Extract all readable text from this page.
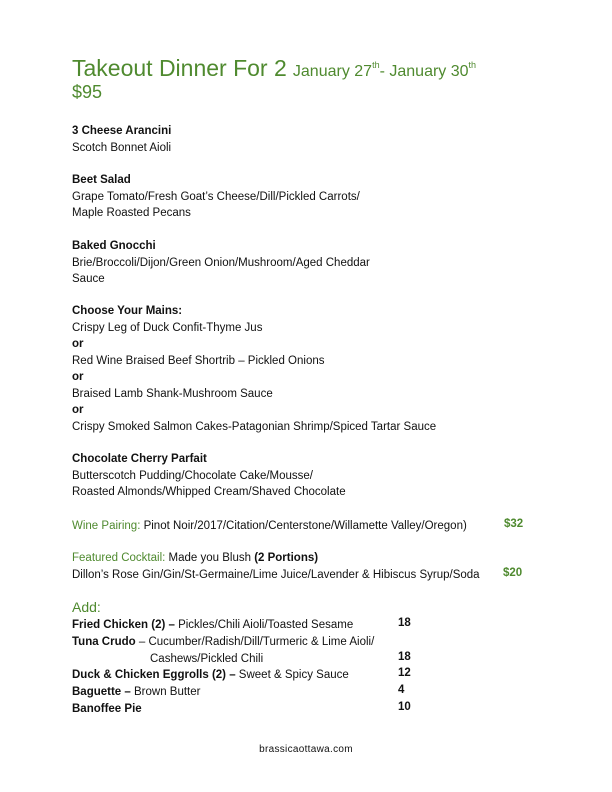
Takeout Dinner For 2 January 27th- January 30th
$95
3 Cheese Arancini
Scotch Bonnet Aioli
Beet Salad
Grape Tomato/Fresh Goat’s Cheese/Dill/Pickled Carrots/
Maple Roasted Pecans
Baked Gnocchi
Brie/Broccoli/Dijon/Green Onion/Mushroom/Aged Cheddar
Sauce
Choose Your Mains:
Crispy Leg of Duck Confit-Thyme Jus
or
Red Wine Braised Beef Shortrib – Pickled Onions
or
Braised Lamb Shank-Mushroom Sauce
or
Crispy Smoked Salmon Cakes-Patagonian Shrimp/Spiced Tartar Sauce
Chocolate Cherry Parfait
Butterscotch Pudding/Chocolate Cake/Mousse/
Roasted Almonds/Whipped Cream/Shaved Chocolate
Wine Pairing: Pinot Noir/2017/Citation/Centerstone/Willamette Valley/Oregon)	$32
Featured Cocktail: Made you Blush (2 Portions)
Dillon’s Rose Gin/Gin/St-Germaine/Lime Juice/Lavender & Hibiscus Syrup/Soda $20
Add:
Fried Chicken (2) – Pickles/Chili Aioli/Toasted Sesame	18
Tuna Crudo – Cucumber/Radish/Dill/Turmeric & Lime Aioli/
Cashews/Pickled Chili	18
Duck & Chicken Eggrolls (2) – Sweet & Spicy Sauce	12
Baguette – Brown Butter	4
Banoffee Pie	10
brassicaottawa.com
